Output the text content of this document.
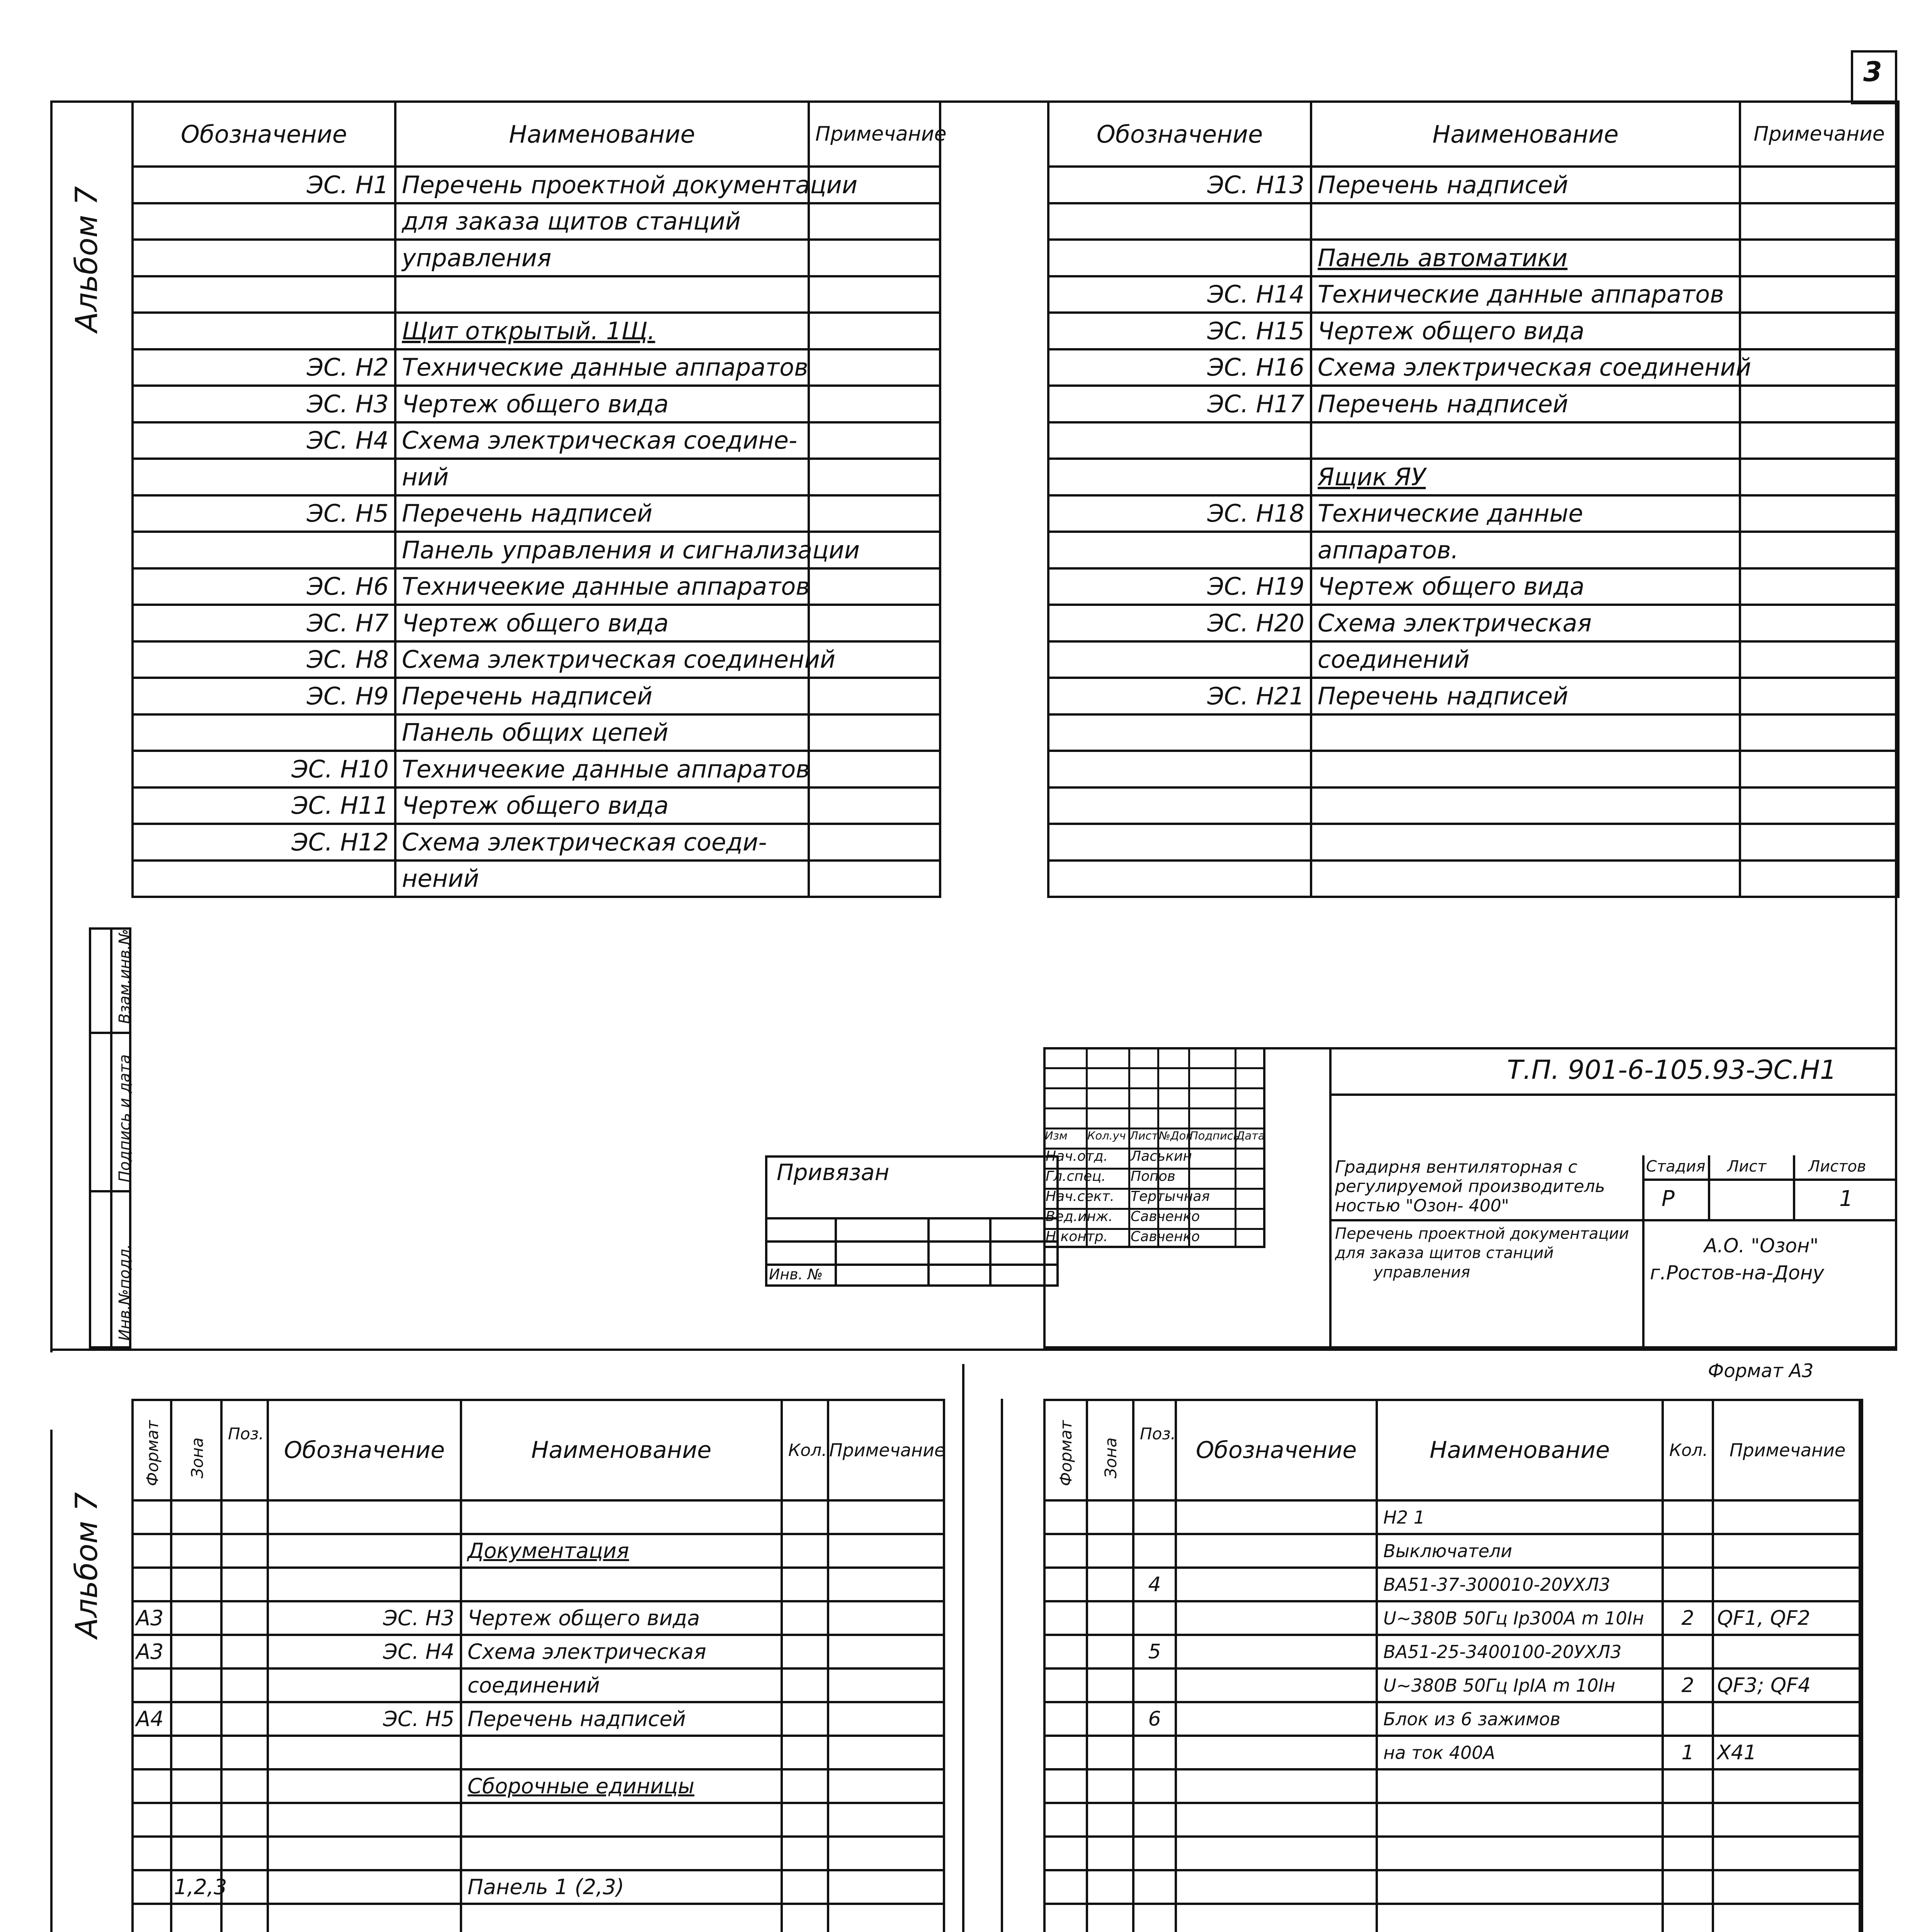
3
Альбом 7
Взам.инв.№
Подпись и дата
Инв.№подл.
Обозначение	Наименование	Примечание
ЭС. Н1	Перечень проектной документации	
	для заказа щитов станций	
	управления	

	Щит открытый. 1Щ.	
ЭС. Н2	Технические данные аппаратов	
ЭС. Н3	Чертеж общего вида	
ЭС. Н4	Схема электрическая соедине-	
	ний	
ЭС. Н5	Перечень надписей	
	Панель управления и сигнализации	
ЭС. Н6	Техничеекие данные аппаратов	
ЭС. Н7	Чертеж общего вида	
ЭС. Н8	Схема электрическая соединений	
ЭС. Н9	Перечень надписей	
	Панель общих цепей	
ЭС. Н10	Техничеекие данные аппаратов	
ЭС. Н11	Чертеж общего вида	
ЭС. Н12	Схема электрическая соеди-	
	нений	
Обозначение	Наименование	Примечание
ЭС. Н13	Перечень надписей	

	Панель автоматики	
ЭС. Н14	Технические данные аппаратов	
ЭС. Н15	Чертеж общего вида	
ЭС. Н16	Схема электрическая соединений	
ЭС. Н17	Перечень надписей	

	Ящик ЯУ	
ЭС. Н18	Технические данные	
	аппаратов.	
ЭС. Н19	Чертеж общего вида	
ЭС. Н20	Схема электрическая	
	соединений	
ЭС. Н21	Перечень надписей	

Привязан
Инв. №
Т.П. 901-6-105.93-ЭС.Н1
Изм Кол.уч Лист №Док
Подпись
Дата
Нач.отд. Ласькин
Гл.спец. Попов
Нач.сект. Тертычная
Вед.инж. Савченко
Н.контр. Савченко
Градирня вентиляторная с
регулируемой производитель
ностью "Озон- 400"
Перечень проектной документации
для заказа щитов станций
управления
Стадия Лист	Листов
Р	1
А.О. "Озон"
г.Ростов-на-Дону
Формат А3
Альбом 7
Формат	Зона	Поз.	Обозначение	Наименование	Кол.	Примечание

				Документация		

А3			ЭС. Н3	Чертеж общего вида		
А3			ЭС. Н4	Схема электрическая		
				соединений		
А4			ЭС. Н5	Перечень надписей		

				Сборочные единицы		

	1,2,3			Панель 1 (2,3)		

Формат	Зона	Поз.	Обозначение	Наименование	Кол.	Примечание
				Н2 1		
				Выключатели		
		4		ВА51-37-300010-20УХЛ3		
				U~380В 50Гц Iр300А m 10Iн	2	QF1, QF2
		5		ВА51-25-3400100-20УХЛ3		
				U~380В 50Гц IрIА m 10Iн	2	QF3; QF4
		6		Блок из 6 зажимов		
				на ток 400А	1	Х41
